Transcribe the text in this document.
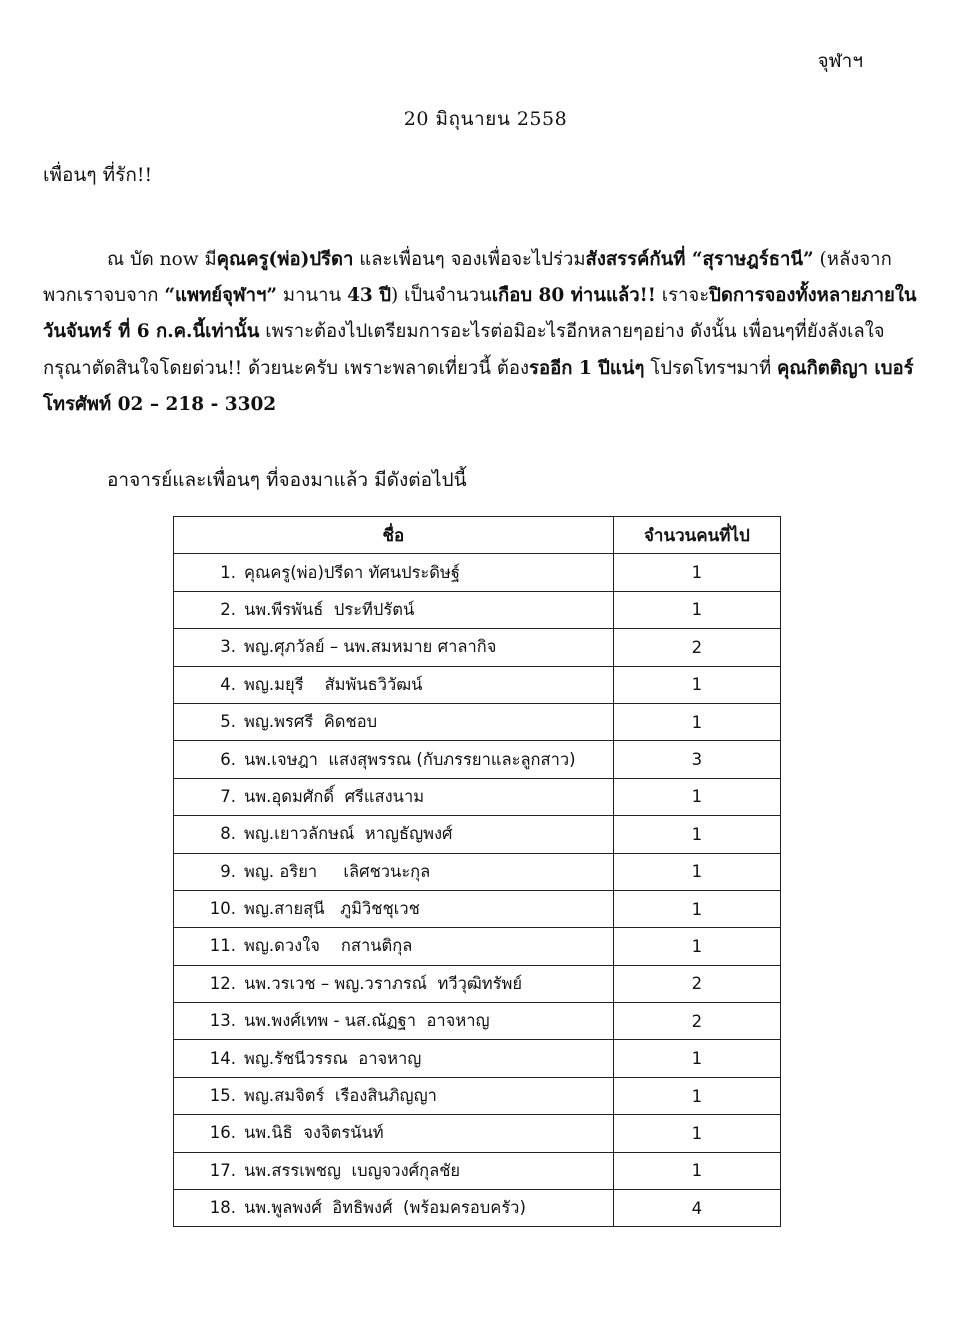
จุฬาฯ
20 มิถุนายน 2558
เพื่อนๆ ที่รัก!!
ณ บัด now มีคุณครู(พ่อ)ปรีดา และเพื่อนๆ จองเพื่อจะไปร่วมสังสรรค์กันที่ “สุราษฎร์ธานี” (หลังจากพวกเราจบจาก “แพทย์จุฬาฯ” มานาน 43 ปี) เป็นจำนวนเกือบ 80 ท่านแล้ว!! เราจะปิดการจองทั้งหลายภายในวันจันทร์ ที่ 6 ก.ค.นี้เท่านั้น เพราะต้องไปเตรียมการอะไรต่อมิอะไรอีกหลายๆอย่าง ดังนั้น เพื่อนๆที่ยังลังเลใจกรุณาตัดสินใจโดยด่วน!! ด้วยนะครับ เพราะพลาดเที่ยวนี้ ต้องรออีก 1 ปีแน่ๆ โปรดโทรฯมาที่ คุณกิตติญา เบอร์โทรศัพท์ 02 – 218 - 3302
อาจารย์และเพื่อนๆ ที่จองมาแล้ว มีดังต่อไปนี้
ชื่อ	จำนวนคนที่ไป
1. คุณครู(พ่อ)ปรีดา ทัศนประดิษฐ์	1
2. นพ.พีรพันธ์  ประทีปรัตน์	1
3. พญ.ศุภวัลย์ – นพ.สมหมาย ศาลากิจ	2
4. พญ.มยุรี    สัมพันธวิวัฒน์	1
5. พญ.พรศรี  คิดชอบ	1
6. นพ.เจษฎา  แสงสุพรรณ (กับภรรยาและลูกสาว)	3
7. นพ.อุดมศักดิ์  ศรีแสงนาม	1
8. พญ.เยาวลักษณ์  หาญธัญพงศ์	1
9. พญ. อริยา     เลิศชวนะกุล	1
10. พญ.สายสุนี   ภูมิวิชชุเวช	1
11. พญ.ดวงใจ    กสานติกุล	1
12. นพ.วรเวช – พญ.วราภรณ์  ทวีวุฒิทรัพย์	2
13. นพ.พงศ์เทพ - นส.ณัฏฐา  อาจหาญ	2
14. พญ.รัชนีวรรณ  อาจหาญ	1
15. พญ.สมจิตร์  เรืองสินภิญญา	1
16. นพ.นิธิ  จงจิตรนันท์	1
17. นพ.สรรเพชญ  เบญจวงศ์กุลชัย	1
18. นพ.พูลพงศ์  อิทธิพงศ์  (พร้อมครอบครัว)	4
